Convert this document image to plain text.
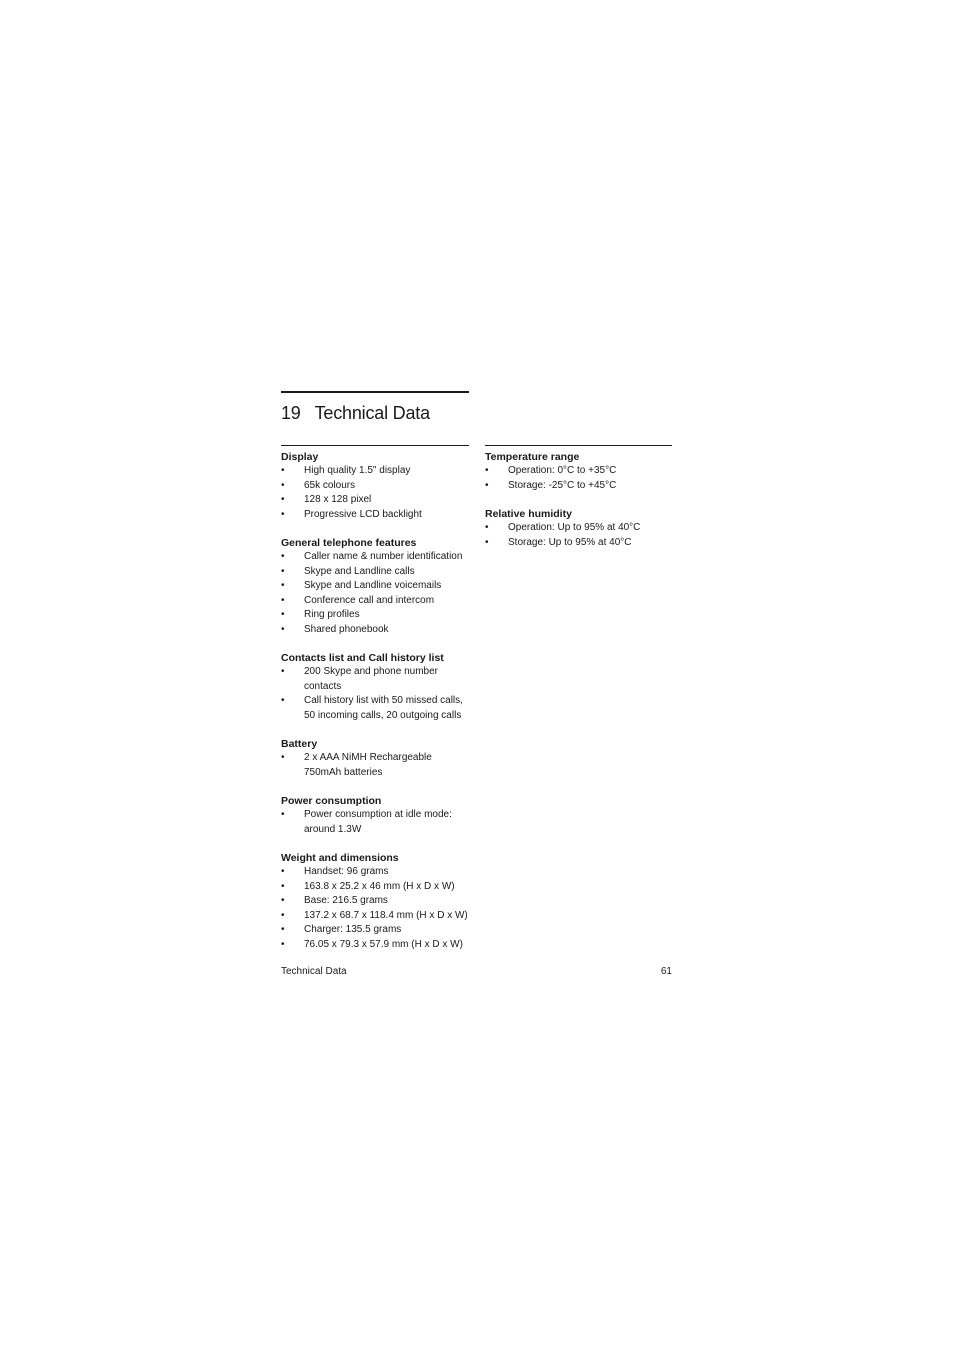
19 Technical Data
Display
• High quality 1.5" display
• 65k colours
• 128 x 128 pixel
• Progressive LCD backlight
General telephone features
• Caller name & number identification
• Skype and Landline calls
• Skype and Landline voicemails
• Conference call and intercom
• Ring profiles
• Shared phonebook
Contacts list and Call history list
• 200 Skype and phone number
contacts
• Call history list with 50 missed calls,
50 incoming calls, 20 outgoing calls
Battery
• 2 x AAA NiMH Rechargeable
750mAh batteries
Power consumption
• Power consumption at idle mode:
around 1.3W
Weight and dimensions
• Handset: 96 grams
• 163.8 x 25.2 x 46 mm (H x D x W)
• Base: 216.5 grams
• 137.2 x 68.7 x 118.4 mm (H x D x W)
• Charger: 135.5 grams
• 76.05 x 79.3 x 57.9 mm (H x D x W)
Temperature range
• Operation: 0°C to +35°C
• Storage: -25°C to +45°C
Relative humidity
• Operation: Up to 95% at 40°C
• Storage: Up to 95% at 40°C
Technical Data	61
